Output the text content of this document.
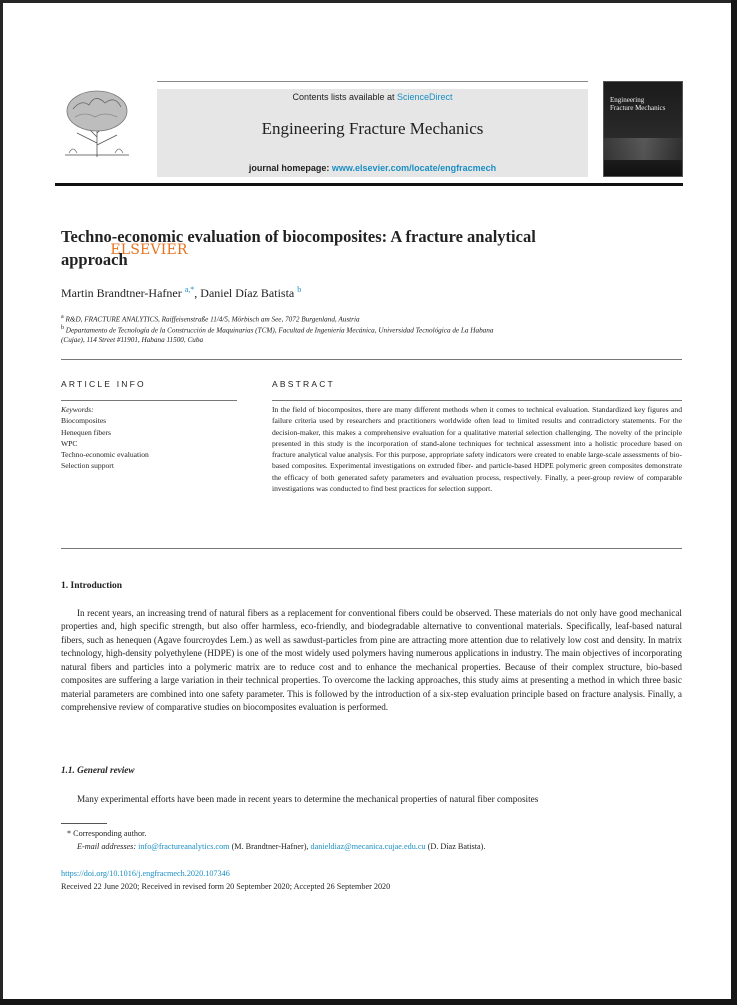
ELSEVIER
Contents lists available at ScienceDirect
Engineering Fracture Mechanics
journal homepage: www.elsevier.com/locate/engfracmech
Engineering
Fracture Mechanics
Techno-economic evaluation of biocomposites: A fracture analytical approach
Martin Brandtner-Hafner $^{a,*}$, Daniel Díaz Batista $^b$
$^a$ R&D, FRACTURE ANALYTICS, Raiffeisenstraße 11/4/5, Mörbisch am See, 7072 Burgenland, Austria
$^b$ Departamento de Tecnología de la Construcción de Maquinarias (TCM), Facultad de Ingeniería Mecánica, Universidad Tecnológica de La Habana
(Cujae), 114 Street #11901, Habana 11500, Cuba
ARTICLE INFO	ABSTRACT
Keywords:
Biocomposites
Henequen fibers
WPC
Techno-economic evaluation
Selection support

In the field of biocomposites, there are many different methods when it comes to technical evaluation. Standardized key figures and failure criteria used by researchers and practitioners worldwide often lead to limited results and contradictory statements. For the decision-maker, this makes a comprehensive evaluation for a qualitative material selection challenging. The novelty of the principle presented in this study is the incorporation of stand-alone techniques for technical assessment into a holistic procedure based on fracture analytical value analysis. For this purpose, appropriate safety indicators were created to enable large-scale assessments of bio-based composites. Experimental investigations on extruded fiber- and particle-based HDPE polymeric green composites demonstrate the efficacy of both generated safety parameters and evaluation process, respectively. Finally, a peer-group review of comparable investigations was conducted to find best practices for selection support.

1. Introduction

In recent years, an increasing trend of natural fibers as a replacement for conventional fibers could be observed. These materials do not only have good mechanical properties and, high specific strength, but also offer harmless, eco-friendly, and biodegradable alternative to conventional materials. Specifically, leaf-based natural fibers, such as henequen (Agave fourcroydes Lem.) as well as sawdust-particles from pine are attracting more attention due to relatively low cost and density. In matrix technology, high-density polyethylene (HDPE) is one of the most widely used polymers having numerous applications in industry. The main objectives of incorporating natural fibers and particles into a polymeric matrix are to reduce cost and to enhance the mechanical properties. Because of their complex structure, bio-based composites are suffering a large variation in their technical properties. To overcome the lacking approaches, this study aims at presenting a method in which three basic material parameters are combined into one safety parameter. This is followed by the introduction of a six-step evaluation principle based on fracture analysis. Finally, a comprehensive review of comparative studies on biocomposites evaluation is performed.

1.1. General review

Many experimental efforts have been made in recent years to determine the mechanical properties of natural fiber composites

* Corresponding author.
E-mail addresses: info@fractureanalytics.com (M. Brandtner-Hafner), danieldiaz@mecanica.cujae.edu.cu (D. Díaz Batista).
https://doi.org/10.1016/j.engfracmech.2020.107346
Received 22 June 2020; Received in revised form 20 September 2020; Accepted 26 September 2020
